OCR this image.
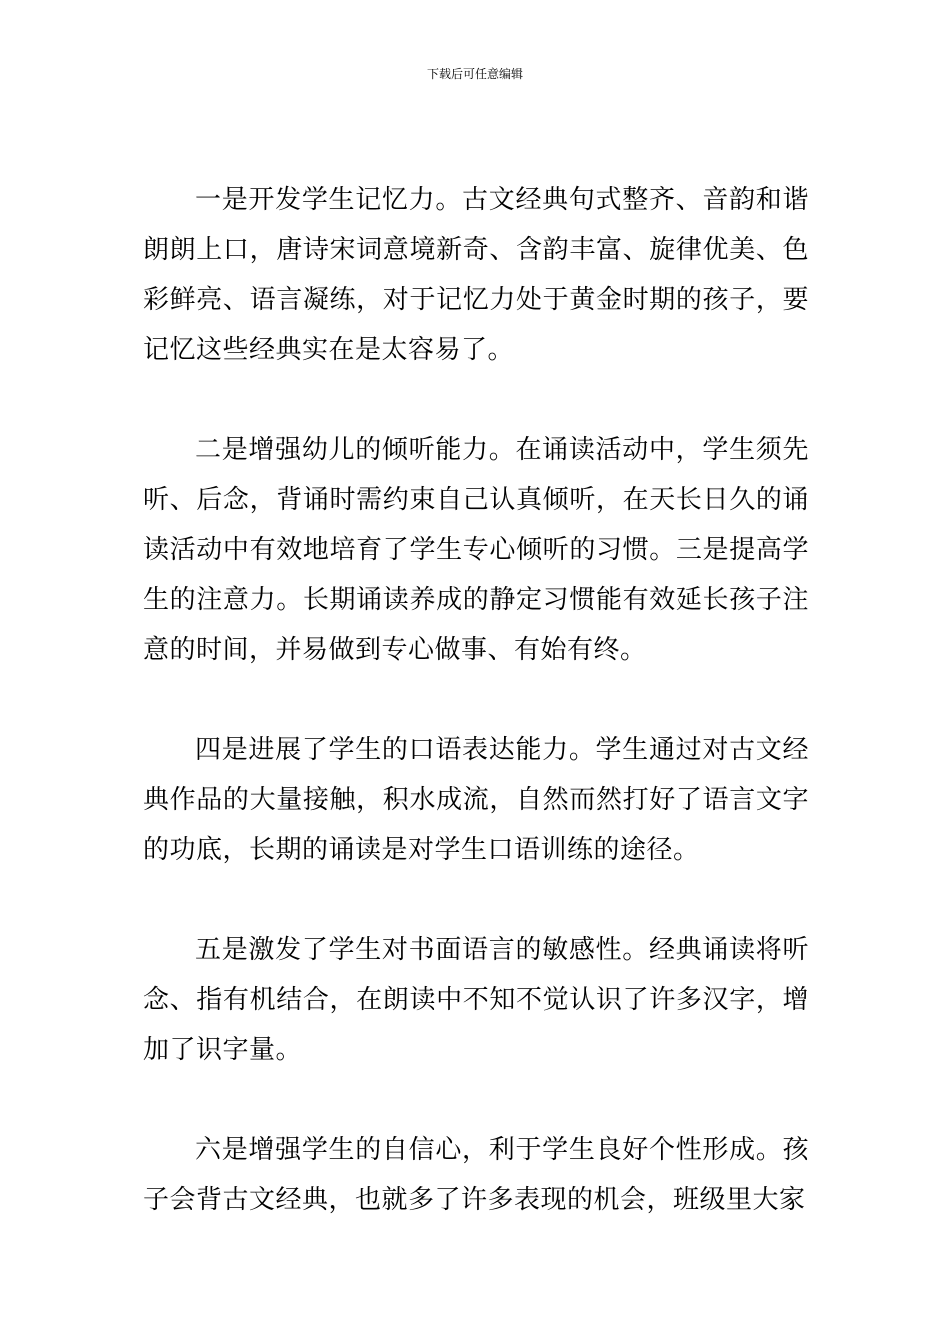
下载后可任意编辑

一是开发学生记忆力。古文经典句式整齐、音韵和谐朗朗上口，唐诗宋词意境新奇、含韵丰富、旋律优美、色彩鲜亮、语言凝练，对于记忆力处于黄金时期的孩子，要记忆这些经典实在是太容易了。

二是增强幼儿的倾听能力。在诵读活动中，学生须先听、后念，背诵时需约束自己认真倾听，在天长日久的诵读活动中有效地培育了学生专心倾听的习惯。三是提高学生的注意力。长期诵读养成的静定习惯能有效延长孩子注意的时间，并易做到专心做事、有始有终。

四是进展了学生的口语表达能力。学生通过对古文经典作品的大量接触，积水成流，自然而然打好了语言文字的功底，长期的诵读是对学生口语训练的途径。

五是激发了学生对书面语言的敏感性。经典诵读将听念、指有机结合，在朗读中不知不觉认识了许多汉字，增加了识字量。

六是增强学生的自信心，利于学生良好个性形成。孩子会背古文经典，也就多了许多表现的机会，班级里大家
